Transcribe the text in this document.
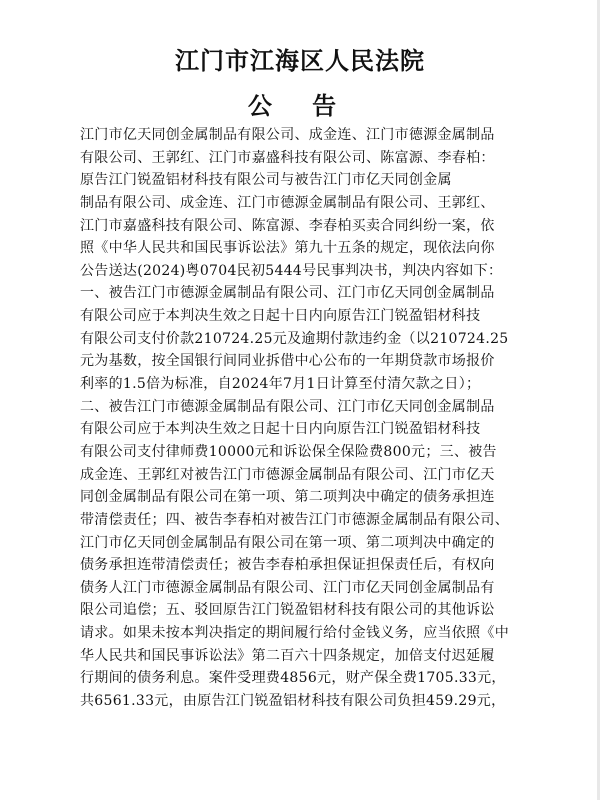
江门市江海区人民法院
公 告
江门市亿天同创金属制品有限公司、成金连、江门市德源金属制品
有限公司、王郭红、江门市嘉盛科技有限公司、陈富源、李春柏：
原告江门锐盈铝材科技有限公司与被告江门市亿天同创金属
制品有限公司、成金连、江门市德源金属制品有限公司、王郭红、
江门市嘉盛科技有限公司、陈富源、李春柏买卖合同纠纷一案，依
照《中华人民共和国民事诉讼法》第九十五条的规定，现依法向你
公告送达(2024)粤0704民初5444号民事判决书，判决内容如下：
一、被告江门市德源金属制品有限公司、江门市亿天同创金属制品
有限公司应于本判决生效之日起十日内向原告江门锐盈铝材科技
有限公司支付价款210724.25元及逾期付款违约金（以210724.25
元为基数，按全国银行间同业拆借中心公布的一年期贷款市场报价
利率的1.5倍为标准，自2024年7月1日计算至付清欠款之日）；
二、被告江门市德源金属制品有限公司、江门市亿天同创金属制品
有限公司应于本判决生效之日起十日内向原告江门锐盈铝材科技
有限公司支付律师费10000元和诉讼保全保险费800元；三、被告
成金连、王郭红对被告江门市德源金属制品有限公司、江门市亿天
同创金属制品有限公司在第一项、第二项判决中确定的债务承担连
带清偿责任；四、被告李春柏对被告江门市德源金属制品有限公司、
江门市亿天同创金属制品有限公司在第一项、第二项判决中确定的
债务承担连带清偿责任；被告李春柏承担保证担保责任后，有权向
债务人江门市德源金属制品有限公司、江门市亿天同创金属制品有
限公司追偿；五、驳回原告江门锐盈铝材科技有限公司的其他诉讼
请求。如果未按本判决指定的期间履行给付金钱义务，应当依照《中
华人民共和国民事诉讼法》第二百六十四条规定，加倍支付迟延履
行期间的债务利息。案件受理费4856元，财产保全费1705.33元，
共6561.33元，由原告江门锐盈铝材科技有限公司负担459.29元，
